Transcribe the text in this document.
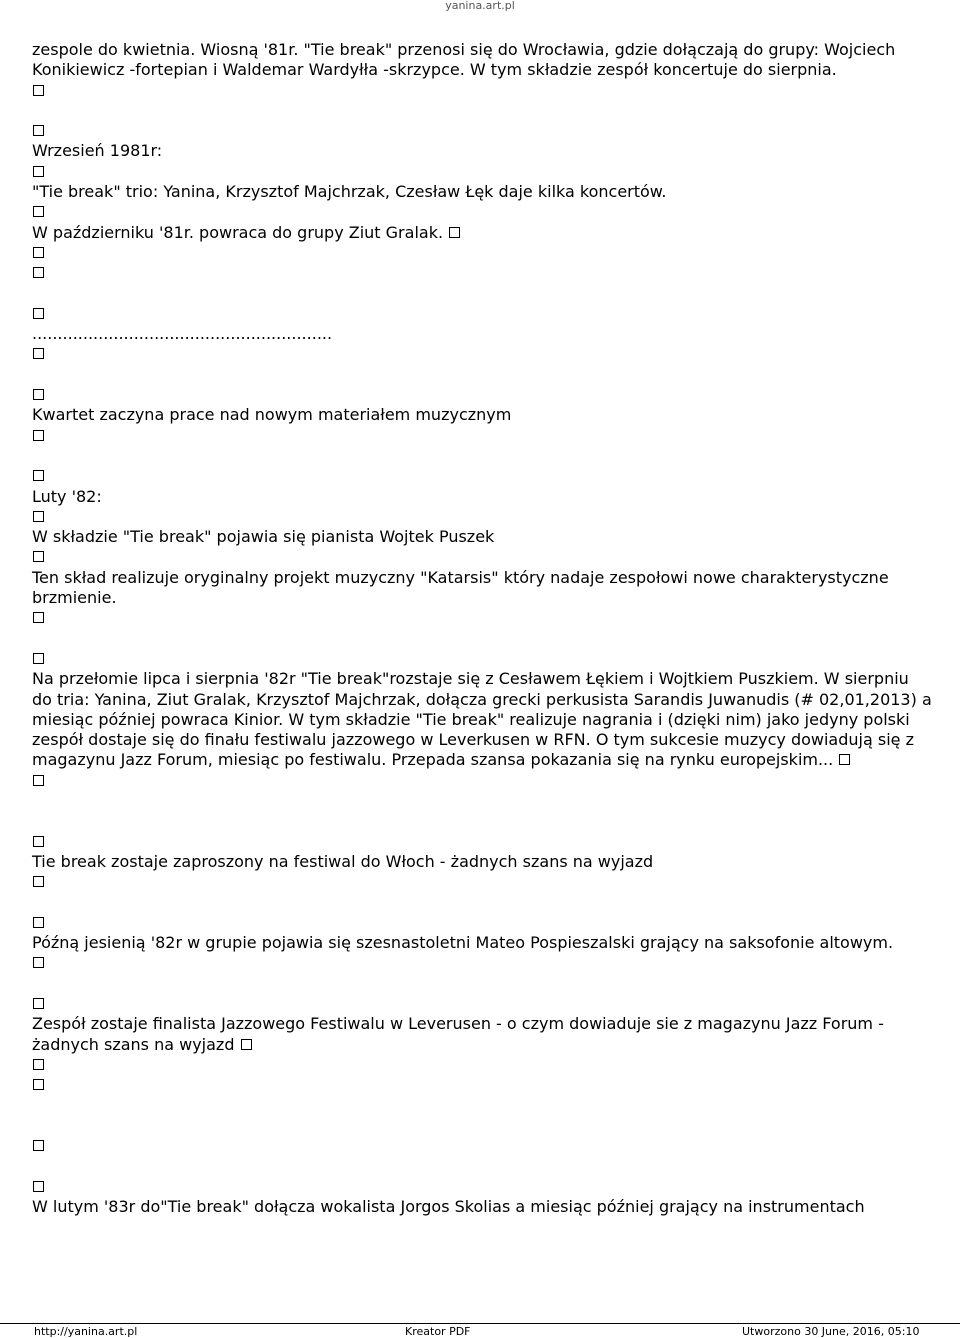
yanina.art.pl
zespole do kwietnia. Wiosną '81r. "Tie break" przenosi się do Wrocławia, gdzie dołączają do grupy: Wojciech Konikiewicz -fortepian i Waldemar Wardyłła -skrzypce. W tym składzie zespół koncertuje do sierpnia.
Wrzesień 1981r:
"Tie break" trio: Yanina, Krzysztof Majchrzak, Czesław Łęk daje kilka koncertów.
W październiku '81r. powraca do grupy Ziut Gralak.
...........................................................
Kwartet zaczyna prace nad nowym materiałem muzycznym
Luty '82:
W składzie "Tie break" pojawia się pianista Wojtek Puszek
Ten skład realizuje oryginalny projekt muzyczny "Katarsis" który nadaje zespołowi nowe charakterystyczne brzmienie.
Na przełomie lipca i sierpnia '82r "Tie break"rozstaje się z Cesławem Łękiem i Wojtkiem Puszkiem. W sierpniu do tria: Yanina, Ziut Gralak, Krzysztof Majchrzak, dołącza grecki perkusista Sarandis Juwanudis (# 02,01,2013) a miesiąc później powraca Kinior. W tym składzie "Tie break" realizuje nagrania i (dzięki nim) jako jedyny polski zespół dostaje się do finału festiwalu jazzowego w Leverkusen w RFN. O tym sukcesie muzycy dowiadują się z magazynu Jazz Forum, miesiąc po festiwalu. Przepada szansa pokazania się na rynku europejskim...
Tie break zostaje zaproszony na festiwal do Włoch - żadnych szans na wyjazd
Późną jesienią '82r w grupie pojawia się szesnastoletni Mateo Pospieszalski grający na saksofonie altowym.
Zespół zostaje finalista Jazzowego Festiwalu w Leverusen - o czym dowiaduje sie z magazynu Jazz Forum - żadnych szans na wyjazd
W lutym '83r do"Tie break" dołącza wokalista Jorgos Skolias a miesiąc później grający na instrumentach
http://yanina.art.pl	Kreator PDF	Utworzono 30 June, 2016, 05:10
